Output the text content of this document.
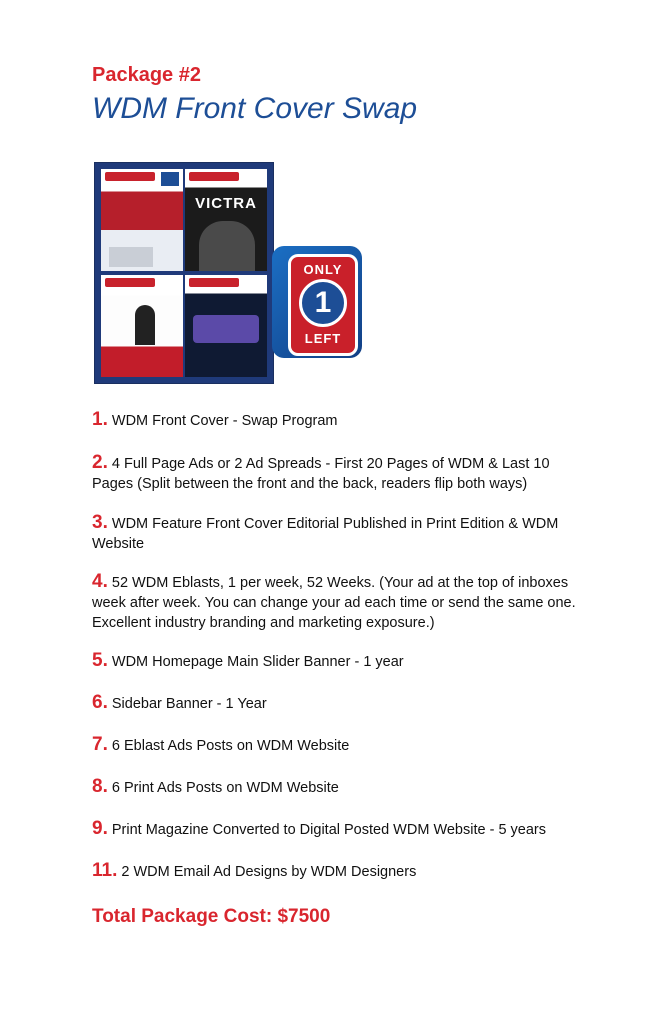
Package #2
WDM Front Cover Swap
VICTRA
ONLY
1
LEFT
1. WDM Front Cover - Swap Program
2. 4 Full Page Ads or 2 Ad Spreads - First 20 Pages of WDM & Last 10 Pages (Split between the front and the back, readers flip both ways)
3. WDM Feature Front Cover Editorial Published in Print Edition & WDM Website
4. 52 WDM Eblasts, 1 per week, 52 Weeks. (Your ad at the top of inboxes week after week. You can change your ad each time or send the same one. Excellent industry branding and marketing exposure.)
5. WDM Homepage Main Slider Banner - 1 year
6. Sidebar Banner - 1 Year
7. 6 Eblast Ads Posts on WDM Website
8. 6 Print Ads Posts on WDM Website
9. Print Magazine Converted to Digital Posted WDM Website - 5 years
11. 2 WDM Email Ad Designs by WDM Designers
Total Package Cost: $7500
